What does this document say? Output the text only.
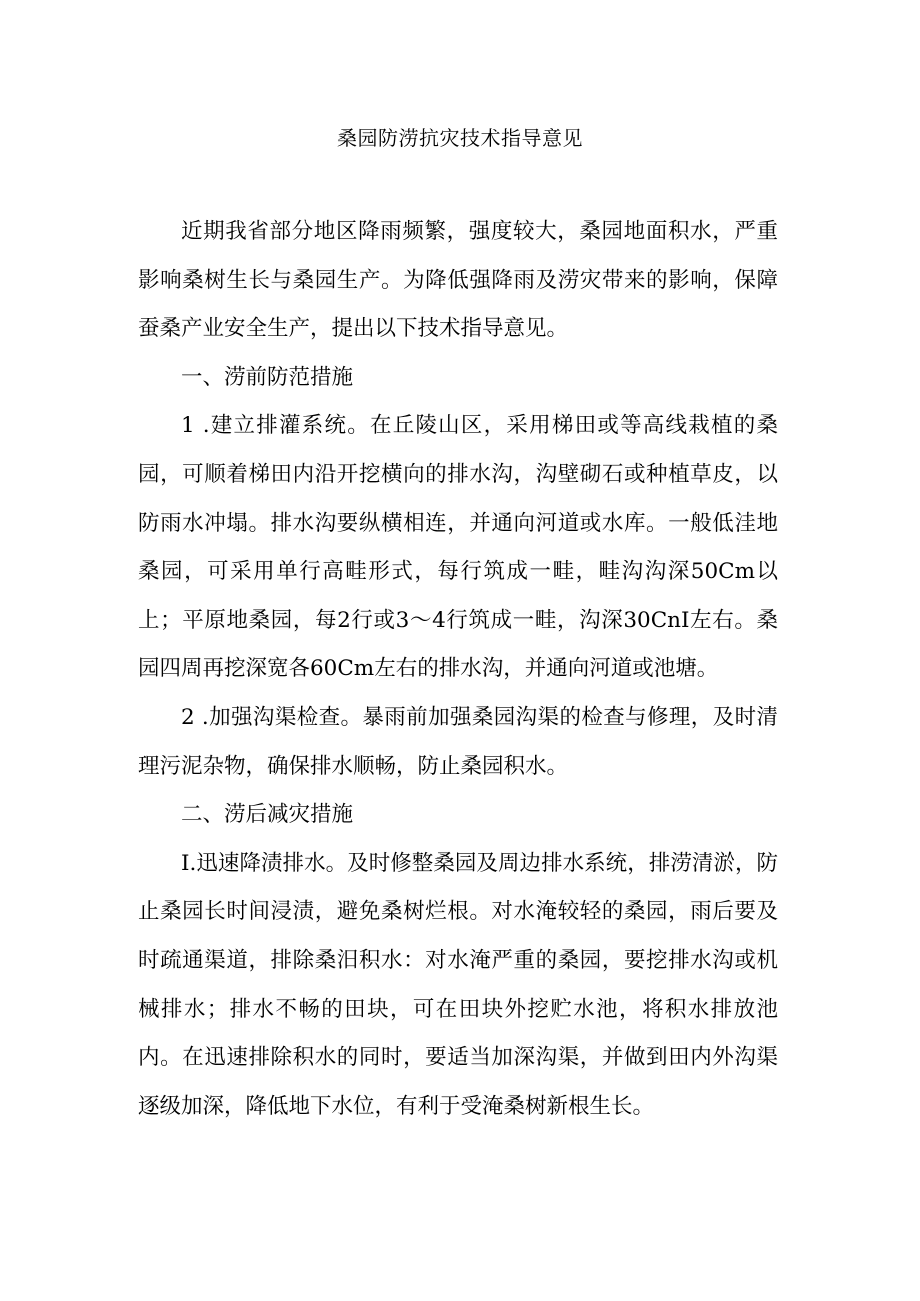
桑园防涝抗灾技术指导意见

近期我省部分地区降雨频繁，强度较大，桑园地面积水，严重影响桑树生长与桑园生产。为降低强降雨及涝灾带来的影响，保障蚕桑产业安全生产，提出以下技术指导意见。

一、涝前防范措施

1 .建立排灌系统。在丘陵山区，采用梯田或等高线栽植的桑园，可顺着梯田内沿开挖横向的排水沟，沟壁砌石或种植草皮，以防雨水冲塌。排水沟要纵横相连，并通向河道或水库。一般低洼地桑园，可采用单行高畦形式，每行筑成一畦，畦沟沟深50Cm以上；平原地桑园，每2行或3～4行筑成一畦，沟深30CnI左右。桑园四周再挖深宽各60Cm左右的排水沟，并通向河道或池塘。

2 .加强沟渠检查。暴雨前加强桑园沟渠的检查与修理，及时清理污泥杂物，确保排水顺畅，防止桑园积水。

二、涝后减灾措施

I.迅速降渍排水。及时修整桑园及周边排水系统，排涝清淤，防止桑园长时间浸渍，避免桑树烂根。对水淹较轻的桑园，雨后要及时疏通渠道，排除桑汨积水：对水淹严重的桑园，要挖排水沟或机械排水；排水不畅的田块，可在田块外挖贮水池，将积水排放池内。在迅速排除积水的同时，要适当加深沟渠，并做到田内外沟渠逐级加深，降低地下水位，有利于受淹桑树新根生长。
